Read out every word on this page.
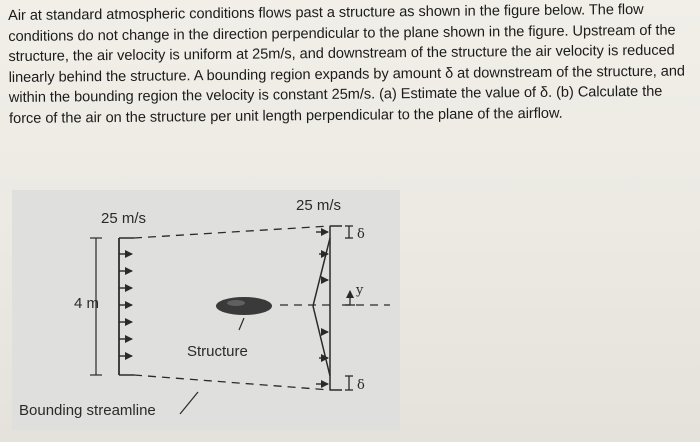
Air at standard atmospheric conditions flows past a structure as shown in the figure below. The flow conditions do not change in the direction perpendicular to the plane shown in the figure. Upstream of the structure, the air velocity is uniform at 25m/s, and downstream of the structure the air velocity is reduced linearly behind the structure. A bounding region expands by amount δ at downstream of the structure, and within the bounding region the velocity is constant 25m/s. (a) Estimate the value of δ. (b) Calculate the force of the air on the structure per unit length perpendicular to the plane of the airflow.

25 m/s
25 m/s
4 m
Structure
Bounding streamline
δ
δ
y
